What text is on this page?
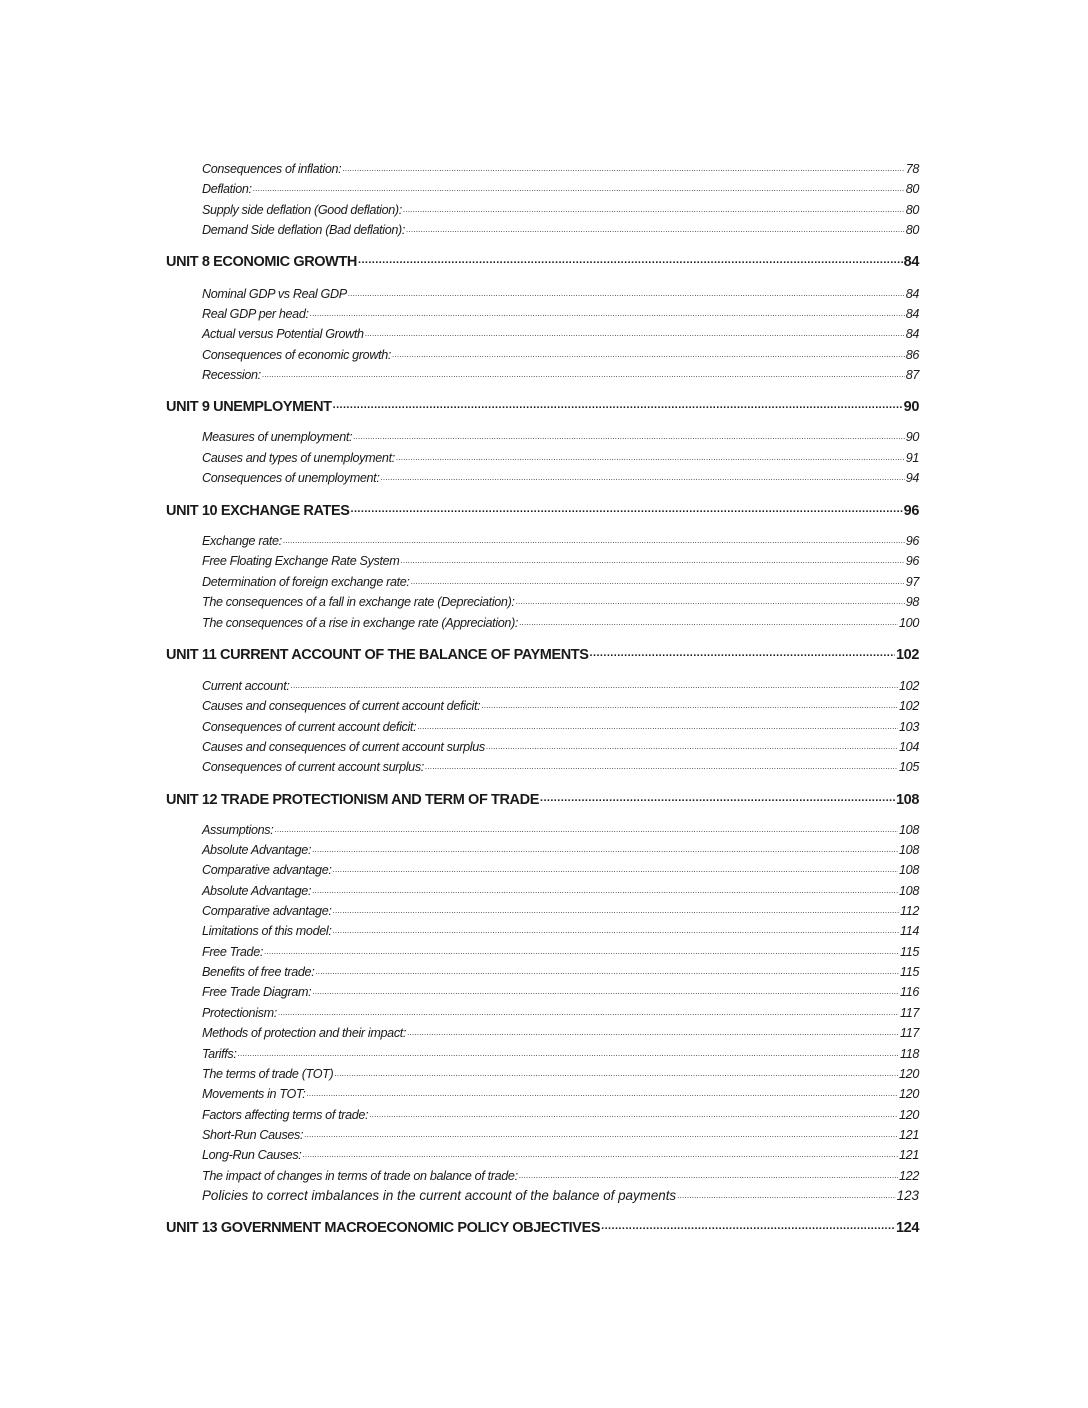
Consequences of inflation: .....	78
Deflation: .....	80
Supply side deflation (Good deflation): .....	80
Demand Side deflation (Bad deflation): .....	80
UNIT 8 ECONOMIC GROWTH .....	84
Nominal GDP vs Real GDP .....	84
Real GDP per head: .....	84
Actual versus Potential Growth .....	84
Consequences of economic growth: .....	86
Recession: .....	87
UNIT 9 UNEMPLOYMENT .....	90
Measures of unemployment: .....	90
Causes and types of unemployment: .....	91
Consequences of unemployment: .....	94
UNIT 10 EXCHANGE RATES .....	96
Exchange rate: .....	96
Free Floating Exchange Rate System .....	96
Determination of foreign exchange rate: .....	97
The consequences of a fall in exchange rate (Depreciation): .....	98
The consequences of a rise in exchange rate (Appreciation): .....	100
UNIT 11 CURRENT ACCOUNT OF THE BALANCE OF PAYMENTS .....	102
Current account: .....	102
Causes and consequences of current account deficit: .....	102
Consequences of current account deficit: .....	103
Causes and consequences of current account surplus .....	104
Consequences of current account surplus: .....	105
UNIT 12 TRADE PROTECTIONISM AND TERM OF TRADE .....	108
Assumptions: .....	108
Absolute Advantage: .....	108
Comparative advantage: .....	108
Absolute Advantage: .....	108
Comparative advantage: .....	112
Limitations of this model: .....	114
Free Trade: .....	115
Benefits of free trade: .....	115
Free Trade Diagram: .....	116
Protectionism: .....	117
Methods of protection and their impact: .....	117
Tariffs: .....	118
The terms of trade (TOT) .....	120
Movements in TOT: .....	120
Factors affecting terms of trade: .....	120
Short-Run Causes: .....	121
Long-Run Causes: .....	121
The impact of changes in terms of trade on balance of trade: .....	122
Policies to correct imbalances in the current account of the balance of payments .....	123
UNIT 13 GOVERNMENT MACROECONOMIC POLICY OBJECTIVES .....	124
